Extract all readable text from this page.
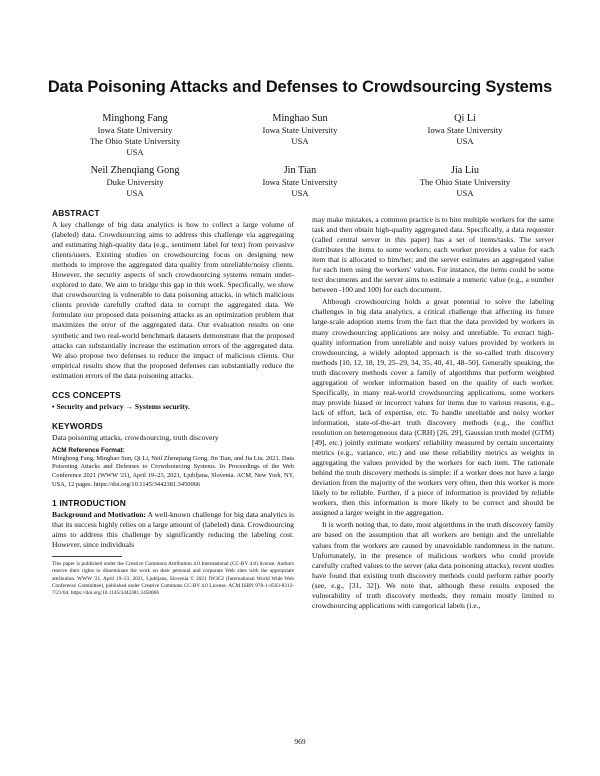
Data Poisoning Attacks and Defenses to Crowdsourcing Systems
Minghong Fang
Iowa State University
The Ohio State University
USA
Minghao Sun
Iowa State University
USA
Qi Li
Iowa State University
USA
Neil Zhenqiang Gong
Duke University
USA
Jin Tian
Iowa State University
USA
Jia Liu
The Ohio State University
USA
ABSTRACT

A key challenge of big data analytics is how to collect a large volume of (labeled) data. Crowdsourcing aims to address this challenge via aggregating and estimating high-quality data (e.g., sentiment label for text) from pervasive clients/users. Existing studies on crowdsourcing focus on designing new methods to improve the aggregated data quality from unreliable/noisy clients. However, the security aspects of such crowdsourcing systems remain under-explored to date. We aim to bridge this gap in this work. Specifically, we show that crowdsourcing is vulnerable to data poisoning attacks, in which malicious clients provide carefully crafted data to corrupt the aggregated data. We formulate our proposed data poisoning attacks as an optimization problem that maximizes the error of the aggregated data. Our evaluation results on one synthetic and two real-world benchmark datasets demonstrate that the proposed attacks can substantially increase the estimation errors of the aggregated data. We also propose two defenses to reduce the impact of malicious clients. Our empirical results show that the proposed defenses can substantially reduce the estimation errors of the data poisoning attacks.

CCS CONCEPTS
• Security and privacy → Systems security.
KEYWORDS
Data poisoning attacks, crowdsourcing, truth discovery
ACM Reference Format:
Minghong Fang, Minghao Sun, Qi Li, Neil Zhenqiang Gong, Jin Tian, and Jia Liu. 2021. Data Poisoning Attacks and Defenses to Crowdsourcing Systems. In Proceedings of the Web Conference 2021 (WWW '21), April 19–23, 2021, Ljubljana, Slovenia. ACM, New York, NY, USA, 12 pages. https://doi.org/10.1145/3442381.3450066
1 INTRODUCTION

Background and Motivation: A well-known challenge for big data analytics is that its success highly relies on a large amount of (labeled) data. Crowdsourcing aims to address this challenge by significantly reducing the labeling cost. However, since individuals

This paper is published under the Creative Commons Attribution 4.0 International (CC-BY 4.0) license. Authors reserve their rights to disseminate the work on their personal and corporate Web sites with the appropriate attribution. WWW '21, April 19–23, 2021, Ljubljana, Slovenia © 2021 IW3C2 (International World Wide Web Conference Committee), published under Creative Commons CC-BY 4.0 License. ACM ISBN 978-1-4503-8312-7/21/04. https://doi.org/10.1145/3442381.3450066

may make mistakes, a common practice is to hire multiple workers for the same task and then obtain high-quality aggregated data. Specifically, a data requester (called central server in this paper) has a set of items/tasks. The server distributes the items to some workers; each worker provides a value for each item that is allocated to him/her; and the server estimates an aggregated value for each item using the workers' values. For instance, the items could be some text documents and the server aims to estimate a numeric value (e.g., a number between -100 and 100) for each document.

Although crowdsourcing holds a great potential to solve the labeling challenges in big data analytics, a critical challenge that affecting its future large-scale adoption stems from the fact that the data provided by workers in many crowdsourcing applications are noisy and unreliable. To extract high-quality information from unreliable and noisy values provided by workers in crowdsourcing, a widely adopted approach is the so-called truth discovery methods [10, 12, 18, 19, 25–29, 34, 35, 40, 41, 48–50]. Generally speaking, the truth discovery methods cover a family of algorithms that perform weighted aggregation of worker information based on the quality of each worker. Specifically, in many real-world crowdsourcing applications, some workers may provide biased or incorrect values for items due to various reasons, e.g., lack of effort, lack of expertise, etc. To handle unreliable and noisy worker information, state-of-the-art truth discovery methods (e.g., the conflict resolution on heterogeneous data (CRH) [26, 29], Gaussian truth model (GTM) [49], etc.) jointly estimate workers' reliability measured by certain uncertainty metrics (e.g., variance, etc.) and use these reliability metrics as weights in aggregating the values provided by the workers for each item. The rationale behind the truth discovery methods is simple: if a worker does not have a large deviation from the majority of the workers very often, then this worker is more likely to be reliable. Further, if a piece of information is provided by reliable workers, then this information is more likely to be correct and should be assigned a larger weight in the aggregation.

It is worth noting that, to date, most algorithms in the truth discovery family are based on the assumption that all workers are benign and the unreliable values from the workers are caused by unavoidable randomness in the nature. Unfortunately, in the presence of malicious workers who could provide carefully crafted values to the server (aka data poisoning attacks), recent studies have found that existing truth discovery methods could perform rather poorly (see, e.g., [31, 32]). We note that, although these results exposed the vulnerability of truth discovery methods, they remain mostly limited to crowdsourcing applications with categorical labels (i.e.,

969
